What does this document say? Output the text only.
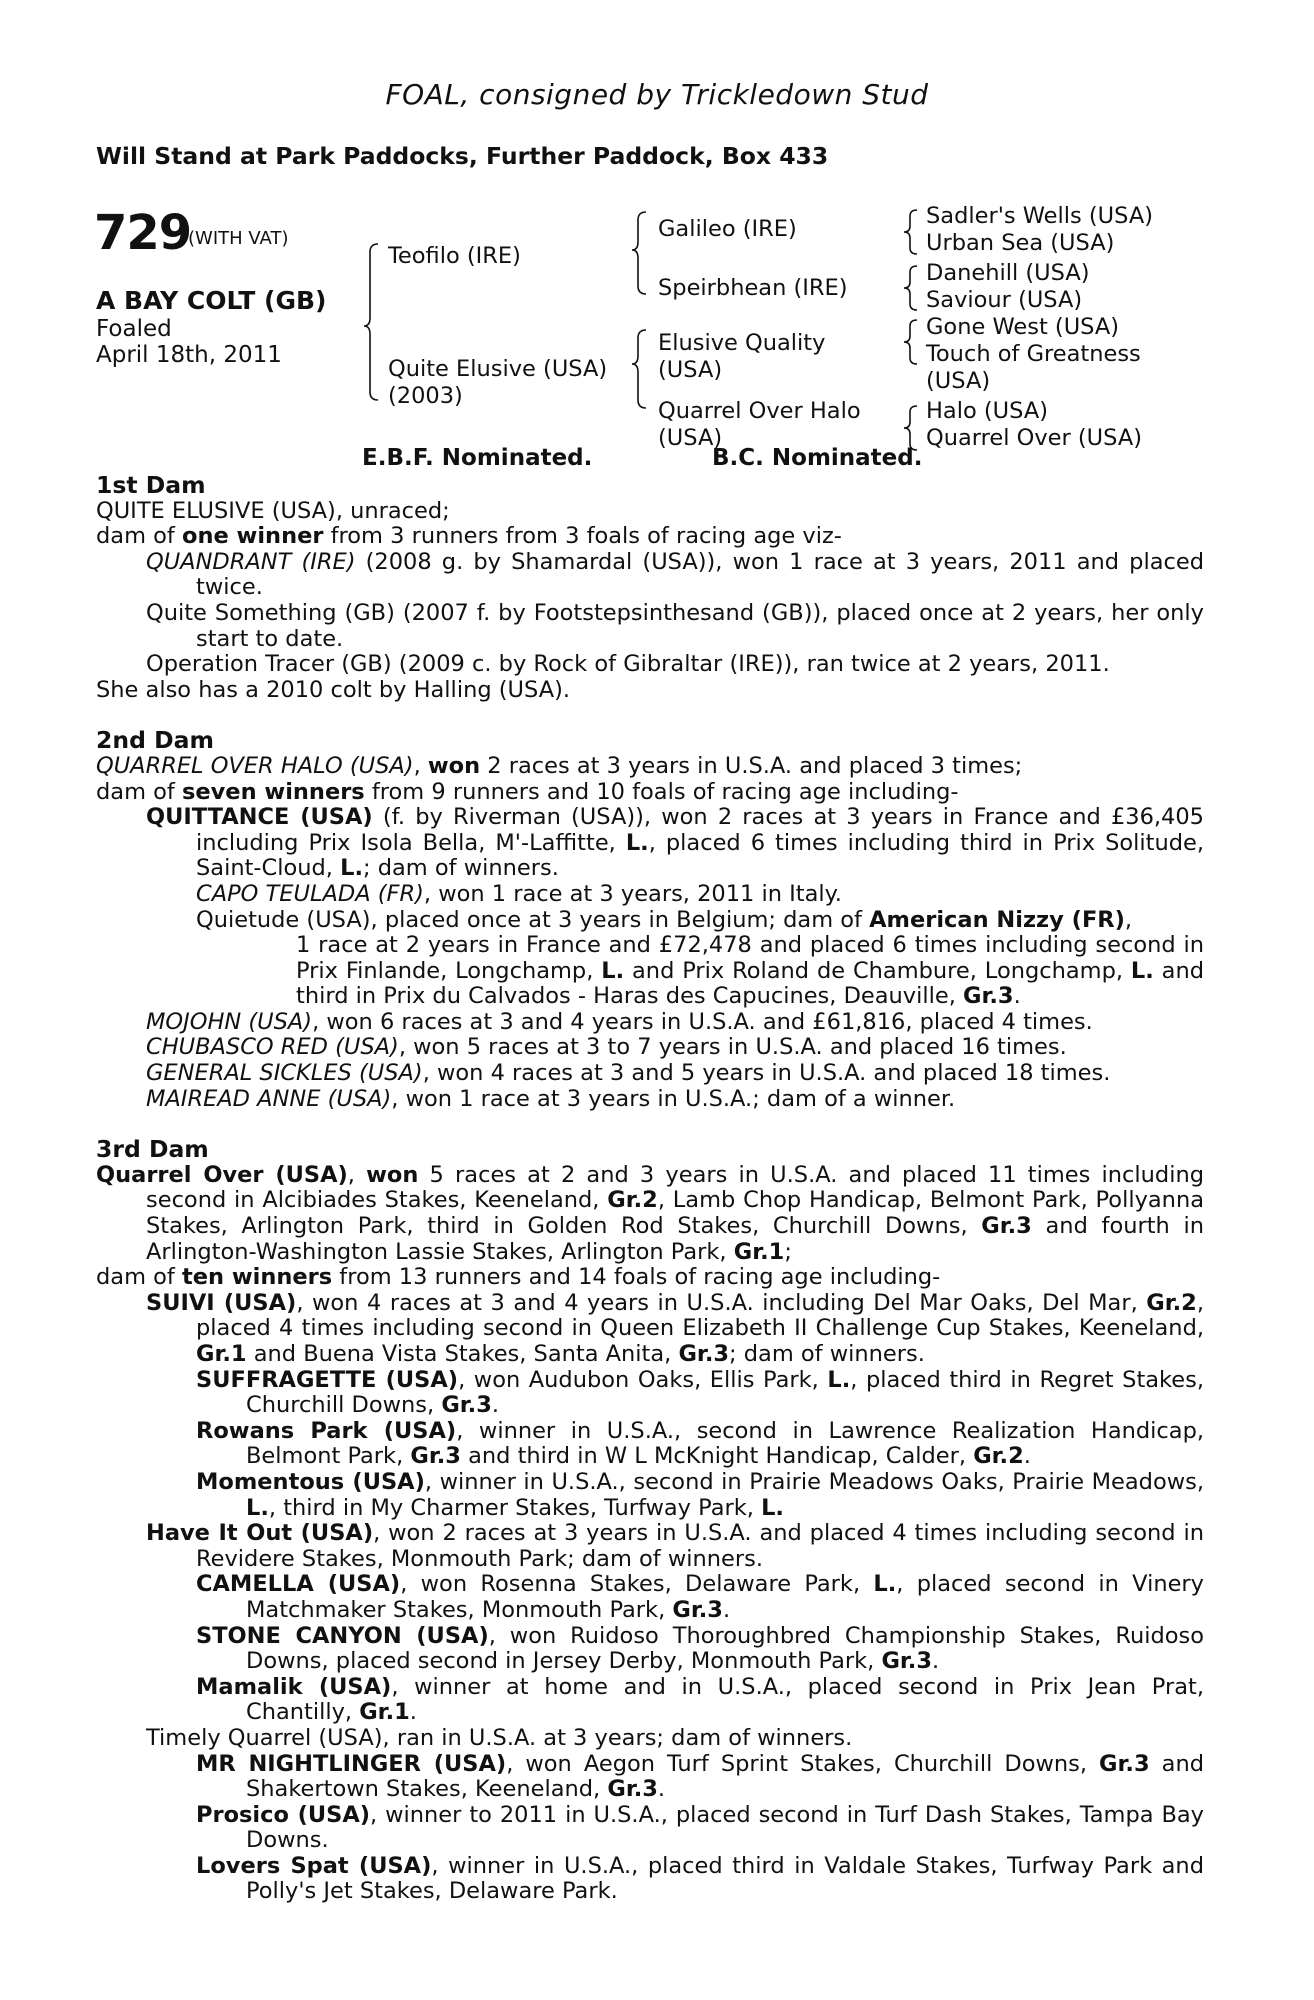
FOAL, consigned by Trickledown Stud
Will Stand at Park Paddocks, Further Paddock, Box 433
729
(WITH VAT)
A BAY COLT (GB)
Foaled
April 18th, 2011
Teofilo (IRE)
Quite Elusive (USA)
(2003)
Galileo (IRE)
Speirbhean (IRE)
Elusive Quality
(USA)
Quarrel Over Halo
(USA)
Sadler's Wells (USA)
Urban Sea (USA)
Danehill (USA)
Saviour (USA)
Gone West (USA)
Touch of Greatness
(USA)
Halo (USA)
Quarrel Over (USA)
E.B.F. Nominated.	B.C. Nominated.

1st Dam

QUITE ELUSIVE (USA), unraced;

dam of one winner from 3 runners from 3 foals of racing age viz-

QUANDRANT (IRE) (2008 g. by Shamardal (USA)), won 1 race at 3 years, 2011 and placed twice.

Quite Something (GB) (2007 f. by Footstepsinthesand (GB)), placed once at 2 years, her only start to date.

Operation Tracer (GB) (2009 c. by Rock of Gibraltar (IRE)), ran twice at 2 years, 2011.

She also has a 2010 colt by Halling (USA).

2nd Dam

QUARREL OVER HALO (USA), won 2 races at 3 years in U.S.A. and placed 3 times;

dam of seven winners from 9 runners and 10 foals of racing age including-

QUITTANCE (USA) (f. by Riverman (USA)), won 2 races at 3 years in France and £36,405 including Prix Isola Bella, M'-Laffitte, L., placed 6 times including third in Prix Solitude, Saint-Cloud, L.; dam of winners.

CAPO TEULADA (FR), won 1 race at 3 years, 2011 in Italy.

Quietude (USA), placed once at 3 years in Belgium; dam of American Nizzy (FR),

1 race at 2 years in France and £72,478 and placed 6 times including second in Prix Finlande, Longchamp, L. and Prix Roland de Chambure, Longchamp, L. and third in Prix du Calvados - Haras des Capucines, Deauville, Gr.3.

MOJOHN (USA), won 6 races at 3 and 4 years in U.S.A. and £61,816, placed 4 times.

CHUBASCO RED (USA), won 5 races at 3 to 7 years in U.S.A. and placed 16 times.

GENERAL SICKLES (USA), won 4 races at 3 and 5 years in U.S.A. and placed 18 times.

MAIREAD ANNE (USA), won 1 race at 3 years in U.S.A.; dam of a winner.

3rd Dam

Quarrel Over (USA), won 5 races at 2 and 3 years in U.S.A. and placed 11 times including second in Alcibiades Stakes, Keeneland, Gr.2, Lamb Chop Handicap, Belmont Park, Pollyanna Stakes, Arlington Park, third in Golden Rod Stakes, Churchill Downs, Gr.3 and fourth in Arlington-Washington Lassie Stakes, Arlington Park, Gr.1;

dam of ten winners from 13 runners and 14 foals of racing age including-

SUIVI (USA), won 4 races at 3 and 4 years in U.S.A. including Del Mar Oaks, Del Mar, Gr.2, placed 4 times including second in Queen Elizabeth II Challenge Cup Stakes, Keeneland, Gr.1 and Buena Vista Stakes, Santa Anita, Gr.3; dam of winners.

SUFFRAGETTE (USA), won Audubon Oaks, Ellis Park, L., placed third in Regret Stakes, Churchill Downs, Gr.3.

Rowans Park (USA), winner in U.S.A., second in Lawrence Realization Handicap, Belmont Park, Gr.3 and third in W L McKnight Handicap, Calder, Gr.2.

Momentous (USA), winner in U.S.A., second in Prairie Meadows Oaks, Prairie Meadows, L., third in My Charmer Stakes, Turfway Park, L.

Have It Out (USA), won 2 races at 3 years in U.S.A. and placed 4 times including second in Revidere Stakes, Monmouth Park; dam of winners.

CAMELLA (USA), won Rosenna Stakes, Delaware Park, L., placed second in Vinery Matchmaker Stakes, Monmouth Park, Gr.3.

STONE CANYON (USA), won Ruidoso Thoroughbred Championship Stakes, Ruidoso Downs, placed second in Jersey Derby, Monmouth Park, Gr.3.

Mamalik (USA), winner at home and in U.S.A., placed second in Prix Jean Prat, Chantilly, Gr.1.

Timely Quarrel (USA), ran in U.S.A. at 3 years; dam of winners.

MR NIGHTLINGER (USA), won Aegon Turf Sprint Stakes, Churchill Downs, Gr.3 and Shakertown Stakes, Keeneland, Gr.3.

Prosico (USA), winner to 2011 in U.S.A., placed second in Turf Dash Stakes, Tampa Bay Downs.

Lovers Spat (USA), winner in U.S.A., placed third in Valdale Stakes, Turfway Park and Polly's Jet Stakes, Delaware Park.
